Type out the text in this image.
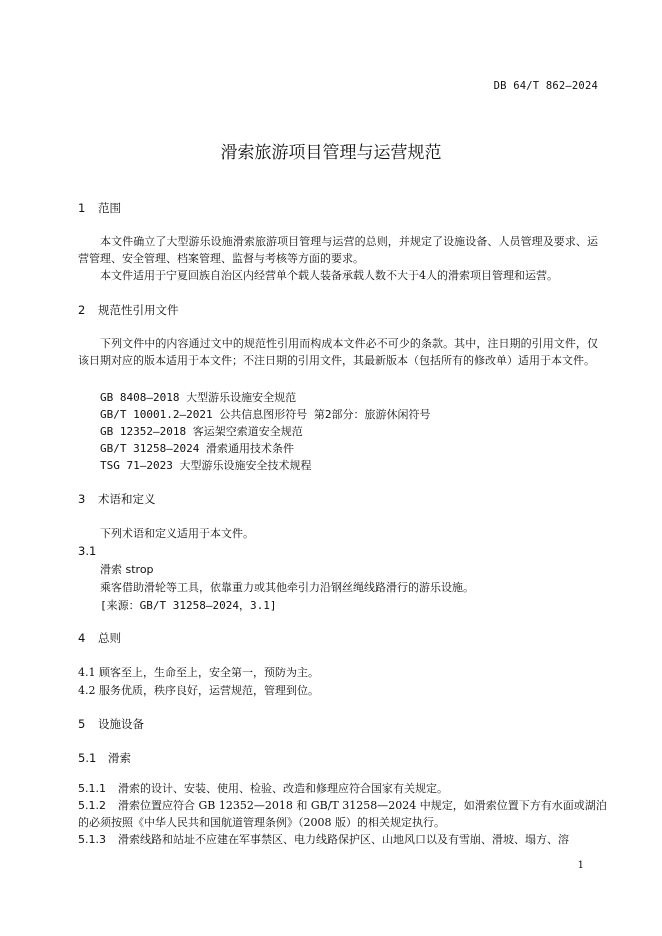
DB 64/T 862—2024
滑索旅游项目管理与运营规范
1 范围
本文件确立了大型游乐设施滑索旅游项目管理与运营的总则，并规定了设施设备、人员管理及要求、运营管理、安全管理、档案管理、监督与考核等方面的要求。
本文件适用于宁夏回族自治区内经营单个载人装备承载人数不大于4人的滑索项目管理和运营。
2 规范性引用文件
下列文件中的内容通过文中的规范性引用而构成本文件必不可少的条款。其中，注日期的引用文件，仅该日期对应的版本适用于本文件；不注日期的引用文件，其最新版本（包括所有的修改单）适用于本文件。
GB 8408—2018 大型游乐设施安全规范
GB/T 10001.2—2021 公共信息图形符号 第2部分：旅游休闲符号
GB 12352—2018 客运架空索道安全规范
GB/T 31258—2024 滑索通用技术条件
TSG 71—2023 大型游乐设施安全技术规程
3 术语和定义
下列术语和定义适用于本文件。
3.1
滑索 strop
乘客借助滑轮等工具，依靠重力或其他牵引力沿钢丝绳线路滑行的游乐设施。
[来源：GB/T 31258—2024，3.1]
4 总则
4.1 顾客至上，生命至上，安全第一，预防为主。
4.2 服务优质，秩序良好，运营规范，管理到位。
5 设施设备
5.1 滑索
5.1.1 滑索的设计、安装、使用、检验、改造和修理应符合国家有关规定。
5.1.2 滑索位置应符合 GB 12352—2018 和 GB/T 31258—2024 中规定，如滑索位置下方有水面或湖泊
的必须按照《中华人民共和国航道管理条例》（2008 版）的相关规定执行。
5.1.3 滑索线路和站址不应建在军事禁区、电力线路保护区、山地风口以及有雪崩、滑坡、塌方、溶
1
